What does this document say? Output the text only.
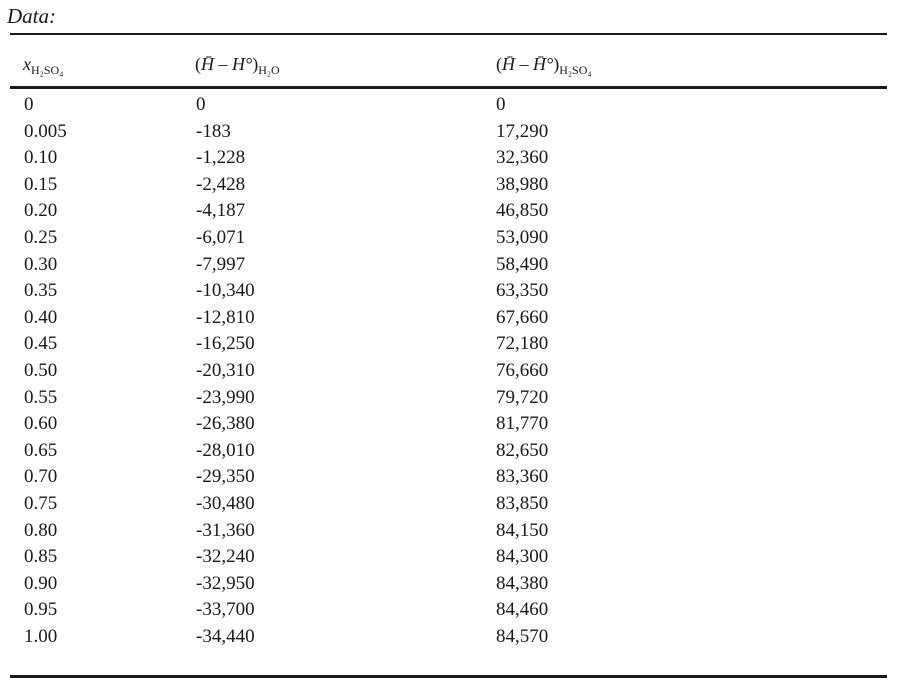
Data:
$x_{H_2SO_4}$	(H̄ – $H^\circ)_{H_2O}$	(H̄ – $H̄^\circ)_{H_2SO_4}$
0	0	0
0.005	-183	17,290
0.10	-1,228	32,360
0.15	-2,428	38,980
0.20	-4,187	46,850
0.25	-6,071	53,090
0.30	-7,997	58,490
0.35	-10,340	63,350
0.40	-12,810	67,660
0.45	-16,250	72,180
0.50	-20,310	76,660
0.55	-23,990	79,720
0.60	-26,380	81,770
0.65	-28,010	82,650
0.70	-29,350	83,360
0.75	-30,480	83,850
0.80	-31,360	84,150
0.85	-32,240	84,300
0.90	-32,950	84,380
0.95	-33,700	84,460
1.00	-34,440	84,570
